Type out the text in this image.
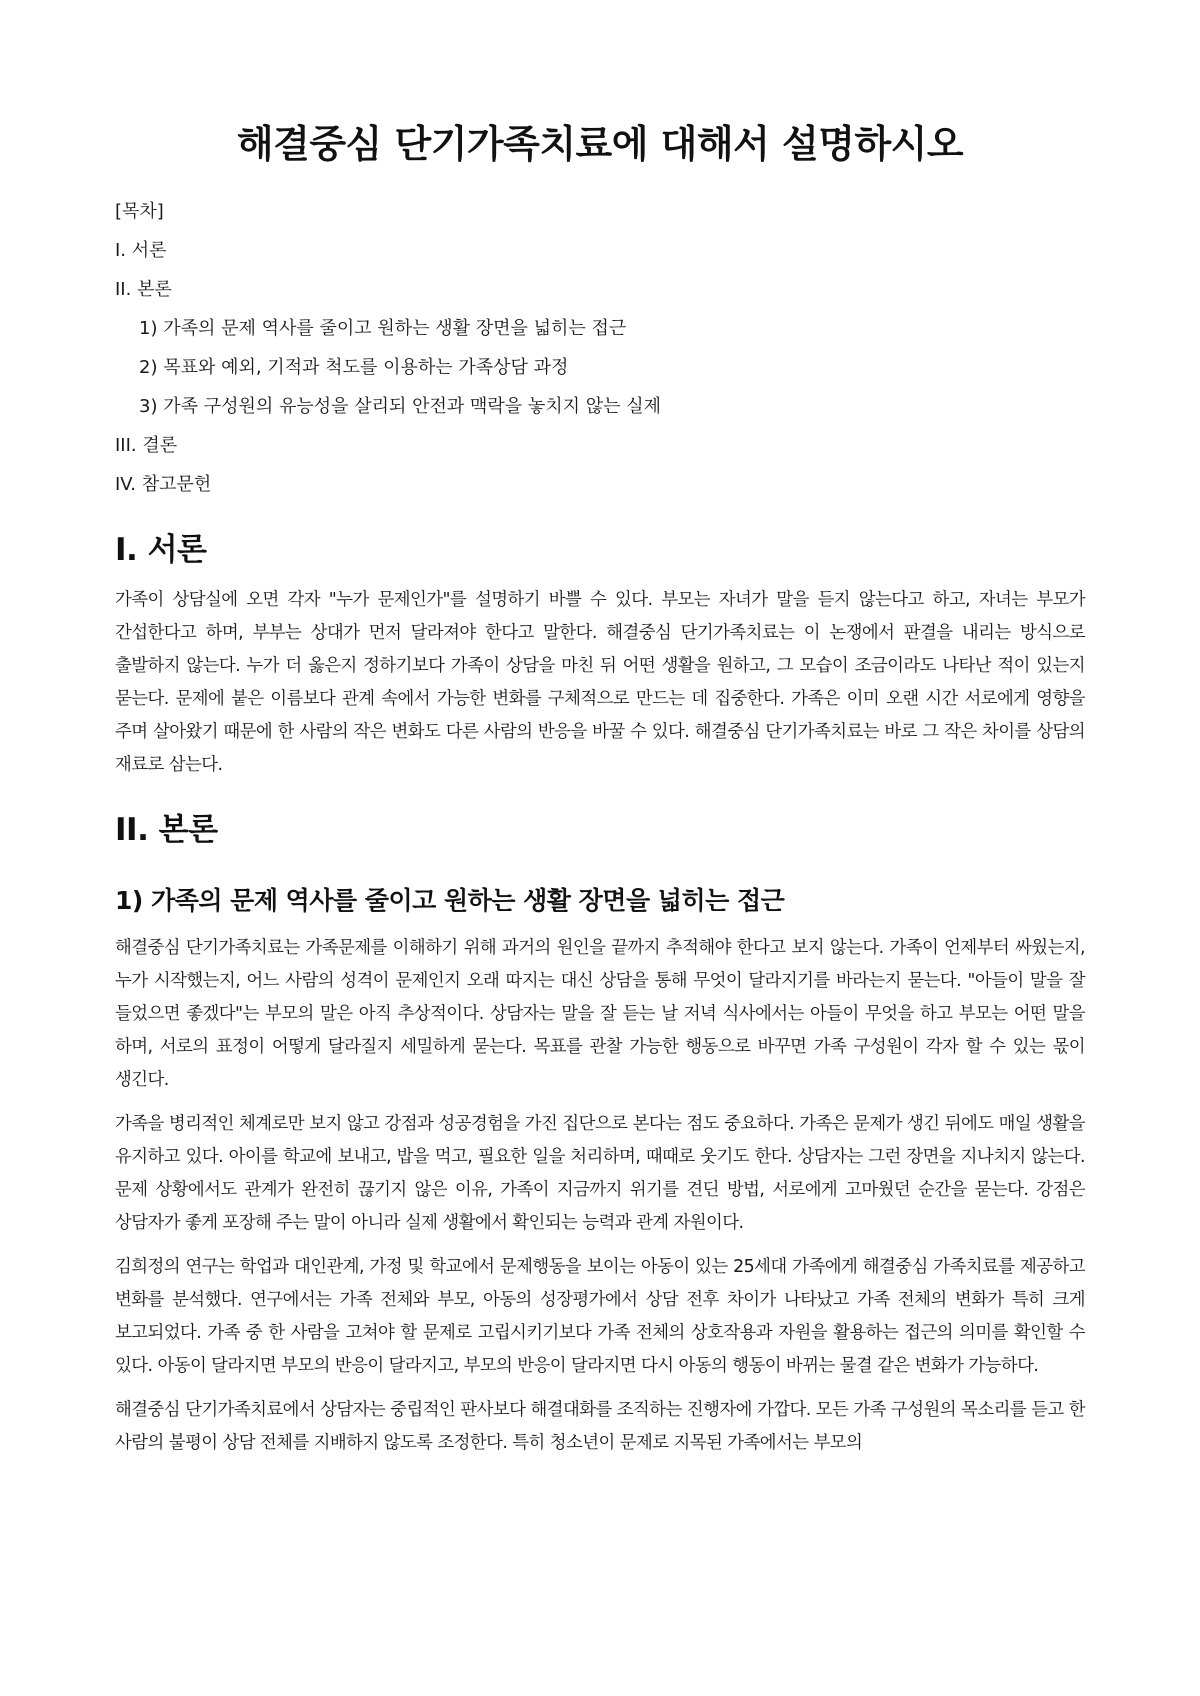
해결중심 단기가족치료에 대해서 설명하시오
[목차]
I. 서론
II. 본론
1) 가족의 문제 역사를 줄이고 원하는 생활 장면을 넓히는 접근
2) 목표와 예외, 기적과 척도를 이용하는 가족상담 과정
3) 가족 구성원의 유능성을 살리되 안전과 맥락을 놓치지 않는 실제
III. 결론
IV. 참고문헌
I. 서론

가족이 상담실에 오면 각자 "누가 문제인가"를 설명하기 바쁠 수 있다. 부모는 자녀가 말을 듣지 않는다고 하고, 자녀는 부모가 간섭한다고 하며, 부부는 상대가 먼저 달라져야 한다고 말한다. 해결중심 단기가족치료는 이 논쟁에서 판결을 내리는 방식으로 출발하지 않는다. 누가 더 옳은지 정하기보다 가족이 상담을 마친 뒤 어떤 생활을 원하고, 그 모습이 조금이라도 나타난 적이 있는지 묻는다. 문제에 붙은 이름보다 관계 속에서 가능한 변화를 구체적으로 만드는 데 집중한다. 가족은 이미 오랜 시간 서로에게 영향을 주며 살아왔기 때문에 한 사람의 작은 변화도 다른 사람의 반응을 바꿀 수 있다. 해결중심 단기가족치료는 바로 그 작은 차이를 상담의 재료로 삼는다.

II. 본론
1) 가족의 문제 역사를 줄이고 원하는 생활 장면을 넓히는 접근

해결중심 단기가족치료는 가족문제를 이해하기 위해 과거의 원인을 끝까지 추적해야 한다고 보지 않는다. 가족이 언제부터 싸웠는지, 누가 시작했는지, 어느 사람의 성격이 문제인지 오래 따지는 대신 상담을 통해 무엇이 달라지기를 바라는지 묻는다. "아들이 말을 잘 들었으면 좋겠다"는 부모의 말은 아직 추상적이다. 상담자는 말을 잘 듣는 날 저녁 식사에서는 아들이 무엇을 하고 부모는 어떤 말을 하며, 서로의 표정이 어떻게 달라질지 세밀하게 묻는다. 목표를 관찰 가능한 행동으로 바꾸면 가족 구성원이 각자 할 수 있는 몫이 생긴다.

가족을 병리적인 체계로만 보지 않고 강점과 성공경험을 가진 집단으로 본다는 점도 중요하다. 가족은 문제가 생긴 뒤에도 매일 생활을 유지하고 있다. 아이를 학교에 보내고, 밥을 먹고, 필요한 일을 처리하며, 때때로 웃기도 한다. 상담자는 그런 장면을 지나치지 않는다. 문제 상황에서도 관계가 완전히 끊기지 않은 이유, 가족이 지금까지 위기를 견딘 방법, 서로에게 고마웠던 순간을 묻는다. 강점은 상담자가 좋게 포장해 주는 말이 아니라 실제 생활에서 확인되는 능력과 관계 자원이다.

김희정의 연구는 학업과 대인관계, 가정 및 학교에서 문제행동을 보이는 아동이 있는 25세대 가족에게 해결중심 가족치료를 제공하고 변화를 분석했다. 연구에서는 가족 전체와 부모, 아동의 성장평가에서 상담 전후 차이가 나타났고 가족 전체의 변화가 특히 크게 보고되었다. 가족 중 한 사람을 고쳐야 할 문제로 고립시키기보다 가족 전체의 상호작용과 자원을 활용하는 접근의 의미를 확인할 수 있다. 아동이 달라지면 부모의 반응이 달라지고, 부모의 반응이 달라지면 다시 아동의 행동이 바뀌는 물결 같은 변화가 가능하다.

해결중심 단기가족치료에서 상담자는 중립적인 판사보다 해결대화를 조직하는 진행자에 가깝다. 모든 가족 구성원의 목소리를 듣고 한 사람의 불평이 상담 전체를 지배하지 않도록 조정한다. 특히 청소년이 문제로 지목된 가족에서는 부모의
